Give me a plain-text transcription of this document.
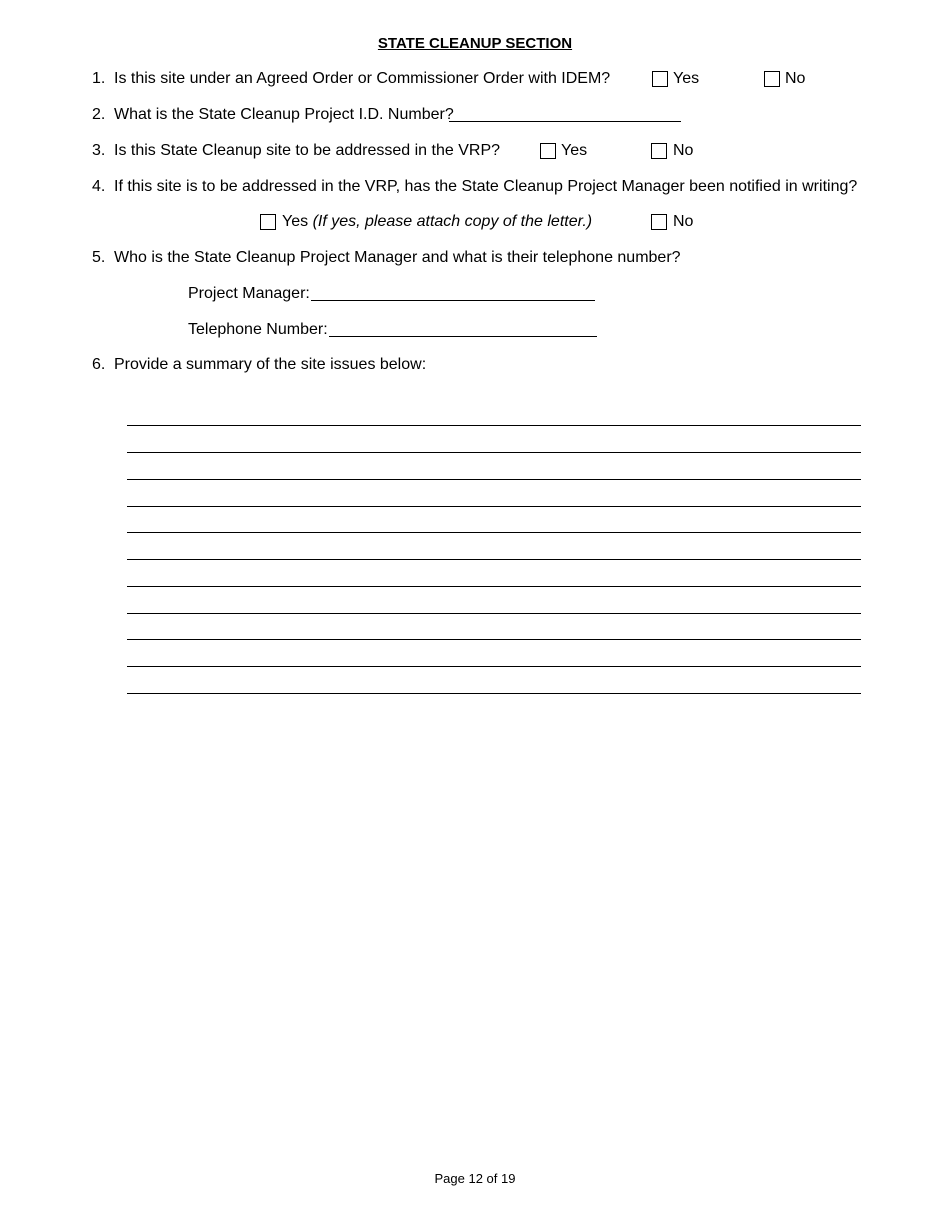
STATE CLEANUP SECTION
1. Is this site under an Agreed Order or Commissioner Order with IDEM?	Yes	No
2. What is the State Cleanup Project I.D. Number?
3. Is this State Cleanup site to be addressed in the VRP?	Yes	No
4. If this site is to be addressed in the VRP, has the State Cleanup Project Manager been notified in writing?
Yes (If yes, please attach copy of the letter.)	No
5. Who is the State Cleanup Project Manager and what is their telephone number?
Project Manager:
Telephone Number:
6. Provide a summary of the site issues below:
Page 12 of 19
